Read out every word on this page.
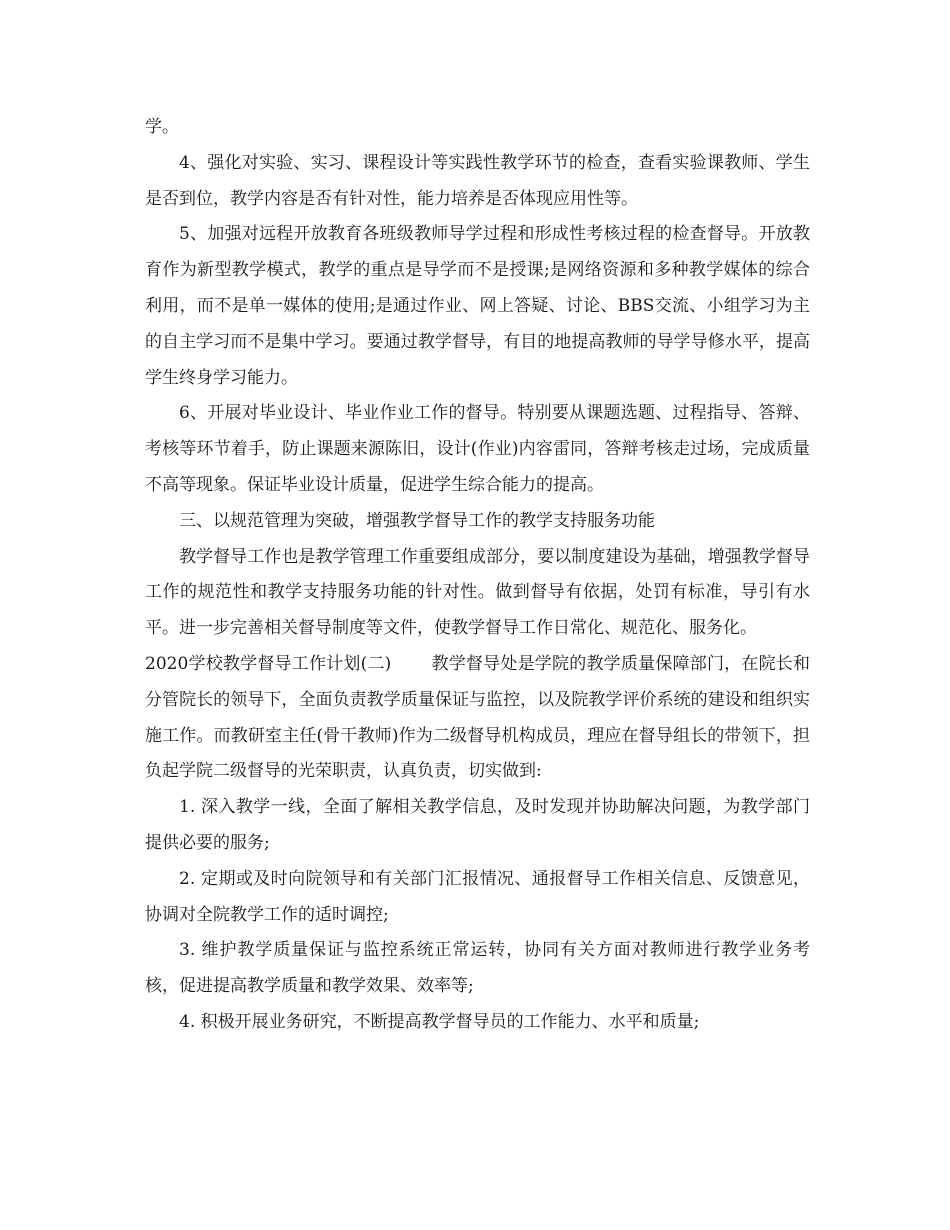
学。

4、强化对实验、实习、课程设计等实践性教学环节的检查，查看实验课教师、学生是否到位，教学内容是否有针对性，能力培养是否体现应用性等。

5、加强对远程开放教育各班级教师导学过程和形成性考核过程的检查督导。开放教育作为新型教学模式，教学的重点是导学而不是授课;是网络资源和多种教学媒体的综合利用，而不是单一媒体的使用;是通过作业、网上答疑、讨论、BBS交流、小组学习为主的自主学习而不是集中学习。要通过教学督导，有目的地提高教师的导学导修水平，提高学生终身学习能力。

6、开展对毕业设计、毕业作业工作的督导。特别要从课题选题、过程指导、答辩、考核等环节着手，防止课题来源陈旧，设计(作业)内容雷同，答辩考核走过场，完成质量不高等现象。保证毕业设计质量，促进学生综合能力的提高。

三、以规范管理为突破，增强教学督导工作的教学支持服务功能

教学督导工作也是教学管理工作重要组成部分，要以制度建设为基础，增强教学督导工作的规范性和教学支持服务功能的针对性。做到督导有依据，处罚有标准，导引有水平。进一步完善相关督导制度等文件，使教学督导工作日常化、规范化、服务化。

2020学校教学督导工作计划(二) 教学督导处是学院的教学质量保障部门，在院长和分管院长的领导下，全面负责教学质量保证与监控，以及院教学评价系统的建设和组织实施工作。而教研室主任(骨干教师)作为二级督导机构成员，理应在督导组长的带领下，担负起学院二级督导的光荣职责，认真负责，切实做到:

1. 深入教学一线，全面了解相关教学信息，及时发现并协助解决问题，为教学部门提供必要的服务;

2. 定期或及时向院领导和有关部门汇报情况、通报督导工作相关信息、反馈意见，协调对全院教学工作的适时调控;

3. 维护教学质量保证与监控系统正常运转，协同有关方面对教师进行教学业务考核，促进提高教学质量和教学效果、效率等;

4. 积极开展业务研究，不断提高教学督导员的工作能力、水平和质量;
